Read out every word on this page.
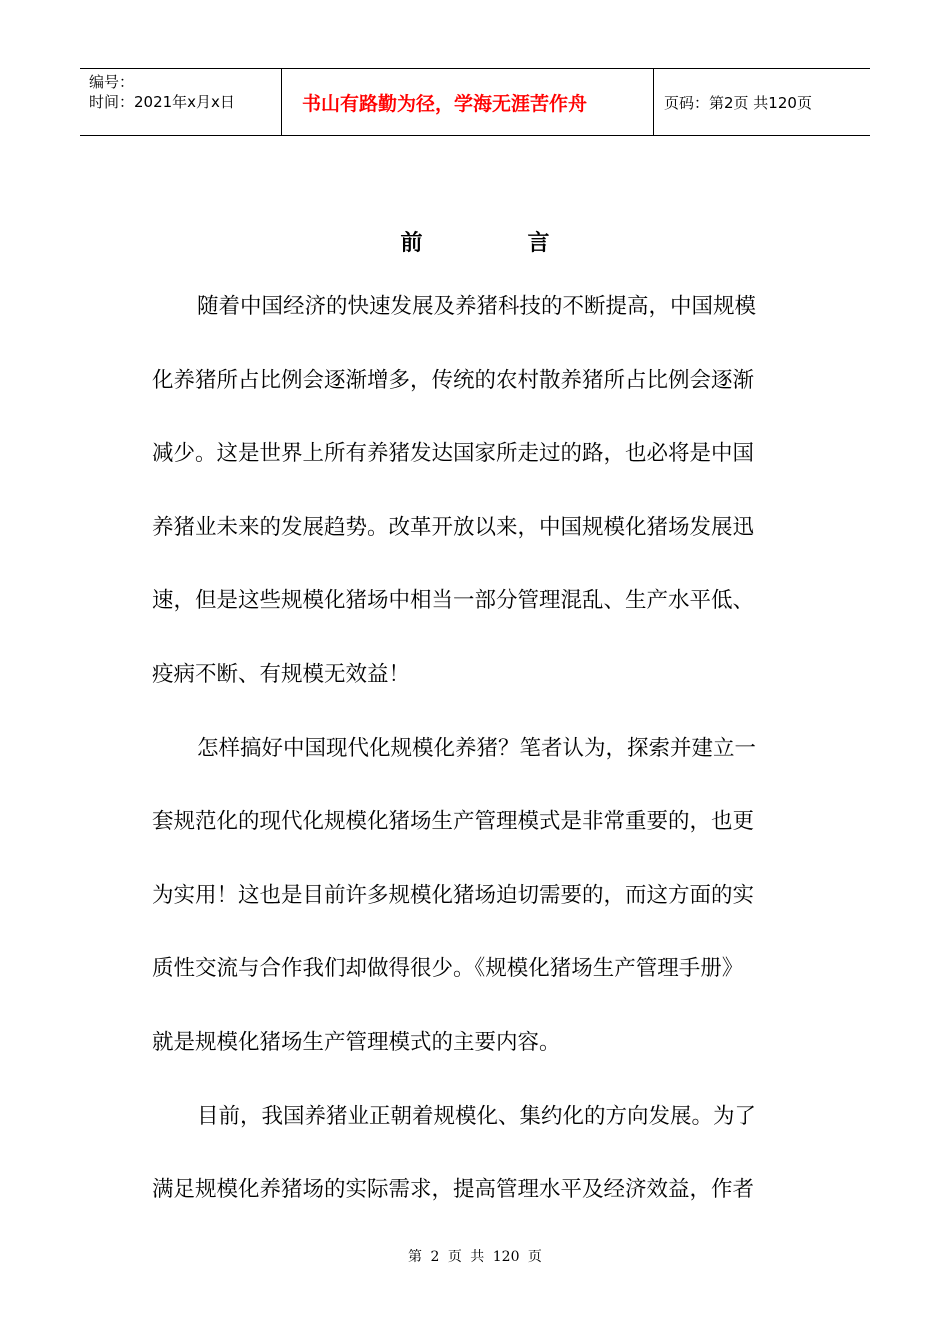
编号：
时间：2021年x月x日	书山有路勤为径，学海无涯苦作舟	页码：第2页 共120页
前	言
随着中国经济的快速发展及养猪科技的不断提高，中国规模
化养猪所占比例会逐渐增多，传统的农村散养猪所占比例会逐渐
减少。这是世界上所有养猪发达国家所走过的路，也必将是中国
养猪业未来的发展趋势。改革开放以来，中国规模化猪场发展迅
速，但是这些规模化猪场中相当一部分管理混乱、生产水平低、
疫病不断、有规模无效益！
怎样搞好中国现代化规模化养猪？笔者认为，探索并建立一
套规范化的现代化规模化猪场生产管理模式是非常重要的，也更
为实用！这也是目前许多规模化猪场迫切需要的，而这方面的实
质性交流与合作我们却做得很少。《规模化猪场生产管理手册》
就是规模化猪场生产管理模式的主要内容。
目前，我国养猪业正朝着规模化、集约化的方向发展。为了
满足规模化养猪场的实际需求，提高管理水平及经济效益，作者
第 2 页 共 120 页
